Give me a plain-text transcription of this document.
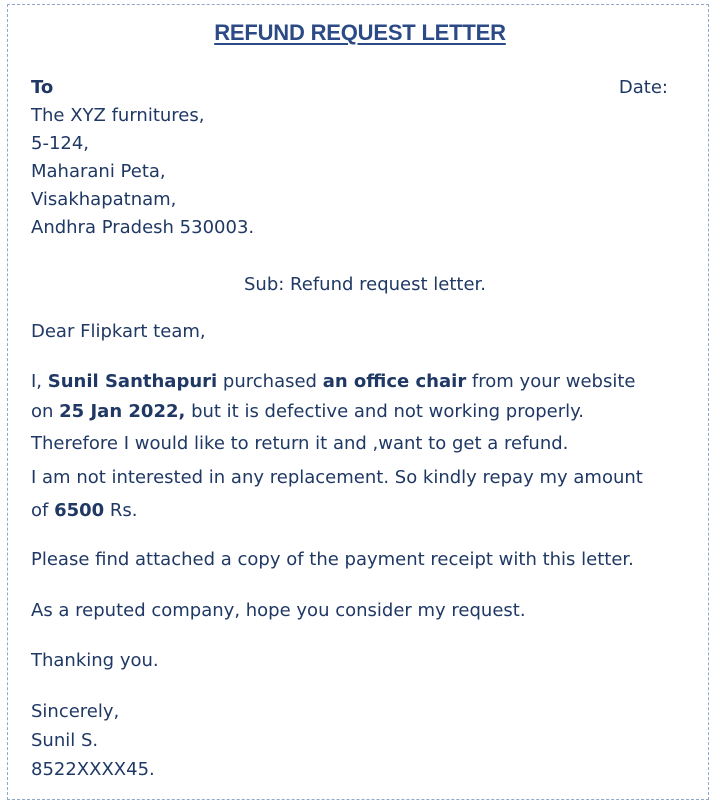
REFUND REQUEST LETTER
To	Date:
The XYZ furnitures,
5-124,
Maharani Peta,
Visakhapatnam,
Andhra Pradesh 530003.
Sub: Refund request letter.
Dear Flipkart team,
I, Sunil Santhapuri purchased an office chair from your website
on 25 Jan 2022, but it is defective and not working properly.
Therefore I would like to return it and ,want to get a refund.
I am not interested in any replacement. So kindly repay my amount
of 6500 Rs.
Please find attached a copy of the payment receipt with this letter.
As a reputed company, hope you consider my request.
Thanking you.
Sincerely,
Sunil S.
8522XXXX45.
